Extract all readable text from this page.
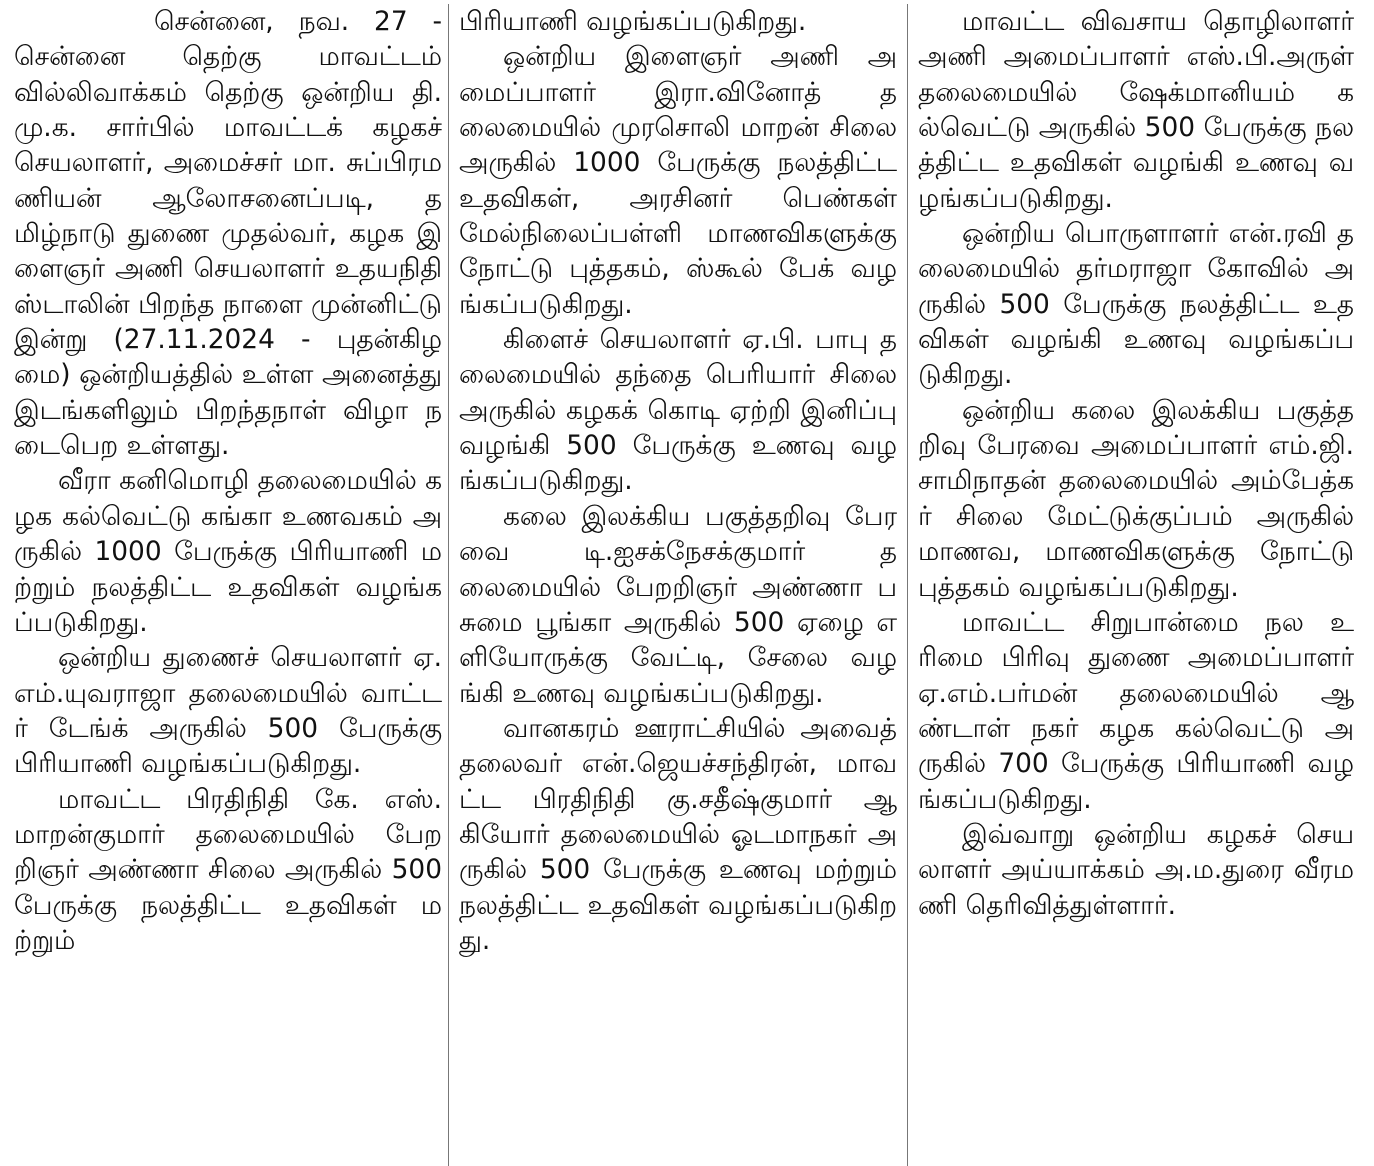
சென்னை, நவ. 27 - சென்னை தெற்கு மாவட்டம் வில்லிவாக்கம் தெற்கு ஒன்றிய தி.மு.க. சார்பில் மாவட்டக் கழகச் செயலாளர், அமைச்சர் மா. சுப்பிரமணியன் ஆலோசனைப்படி, தமிழ்நாடு துணை முதல்வர், கழக இளைஞர் அணி செயலாளர் உதயநிதி ஸ்டாலின் பிறந்த நாளை முன்னிட்டு இன்று (27.11.2024 - புதன்கிழமை) ஒன்றியத்தில் உள்ள அனைத்து இடங்களிலும் பிறந்தநாள் விழா நடைபெற உள்ளது.

வீரா கனிமொழி தலைமையில் கழக கல்வெட்டு கங்கா உணவகம் அருகில் 1000 பேருக்கு பிரியாணி மற்றும் நலத்திட்ட உதவிகள் வழங்கப்படுகிறது.

ஒன்றிய துணைச் செயலாளர் ஏ.எம்.யுவராஜா தலைமையில் வாட்டர் டேங்க் அருகில் 500 பேருக்கு பிரியாணி வழங்கப்படுகிறது.

மாவட்ட பிரதிநிதி கே. எஸ்.மாறன்குமார் தலைமையில் பேறறிஞர் அண்ணா சிலை அருகில் 500 பேருக்கு நலத்திட்ட உதவிகள் மற்றும்

பிரியாணி வழங்கப்படுகிறது.

ஒன்றிய இளைஞர் அணி அமைப்பாளர் இரா.வினோத் தலைமையில் முரசொலி மாறன் சிலை அருகில் 1000 பேருக்கு நலத்திட்ட உதவிகள், அரசினர் பெண்கள் மேல்நிலைப்பள்ளி மாணவிகளுக்கு நோட்டு புத்தகம், ஸ்கூல் பேக் வழங்கப்படுகிறது.

கிளைச் செயலாளர் ஏ.பி. பாபு தலைமையில் தந்தை பெரியார் சிலை அருகில் கழகக் கொடி ஏற்றி இனிப்பு வழங்கி 500 பேருக்கு உணவு வழங்கப்படுகிறது.

கலை இலக்கிய பகுத்தறிவு பேரவை டி.ஐசக்நேசக்குமார் தலைமையில் பேறறிஞர் அண்ணா பசுமை பூங்கா அருகில் 500 ஏழை எளியோருக்கு வேட்டி, சேலை வழங்கி உணவு வழங்கப்படுகிறது.

வானகரம் ஊராட்சியில் அவைத் தலைவர் என்.ஜெயச்சந்திரன், மாவட்ட பிரதிநிதி கு.சதீஷ்குமார் ஆகியோர் தலைமையில் ஓடமாநகர் அருகில் 500 பேருக்கு உணவு மற்றும் நலத்திட்ட உதவிகள் வழங்கப்படுகிறது.

மாவட்ட விவசாய தொழிலாளர் அணி அமைப்பாளர் எஸ்.பி.அருள் தலைமையில் ஷேக்மானியம் கல்வெட்டு அருகில் 500 பேருக்கு நலத்திட்ட உதவிகள் வழங்கி உணவு வழங்கப்படுகிறது.

ஒன்றிய பொருளாளர் என்.ரவி தலைமையில் தர்மராஜா கோவில் அருகில் 500 பேருக்கு நலத்திட்ட உதவிகள் வழங்கி உணவு வழங்கப்படுகிறது.

ஒன்றிய கலை இலக்கிய பகுத்தறிவு பேரவை அமைப்பாளர் எம்.ஜி.சாமிநாதன் தலைமையில் அம்பேத்கர் சிலை மேட்டுக்குப்பம் அருகில் மாணவ, மாணவிகளுக்கு நோட்டு புத்தகம் வழங்கப்படுகிறது.

மாவட்ட சிறுபான்மை நல உரிமை பிரிவு துணை அமைப்பாளர் ஏ.எம்.பர்மன் தலைமையில் ஆண்டாள் நகர் கழக கல்வெட்டு அருகில் 700 பேருக்கு பிரியாணி வழங்கப்படுகிறது.

இவ்வாறு ஒன்றிய கழகச் செயலாளர் அய்யாக்கம் அ.ம.துரை வீரமணி தெரிவித்துள்ளார்.
